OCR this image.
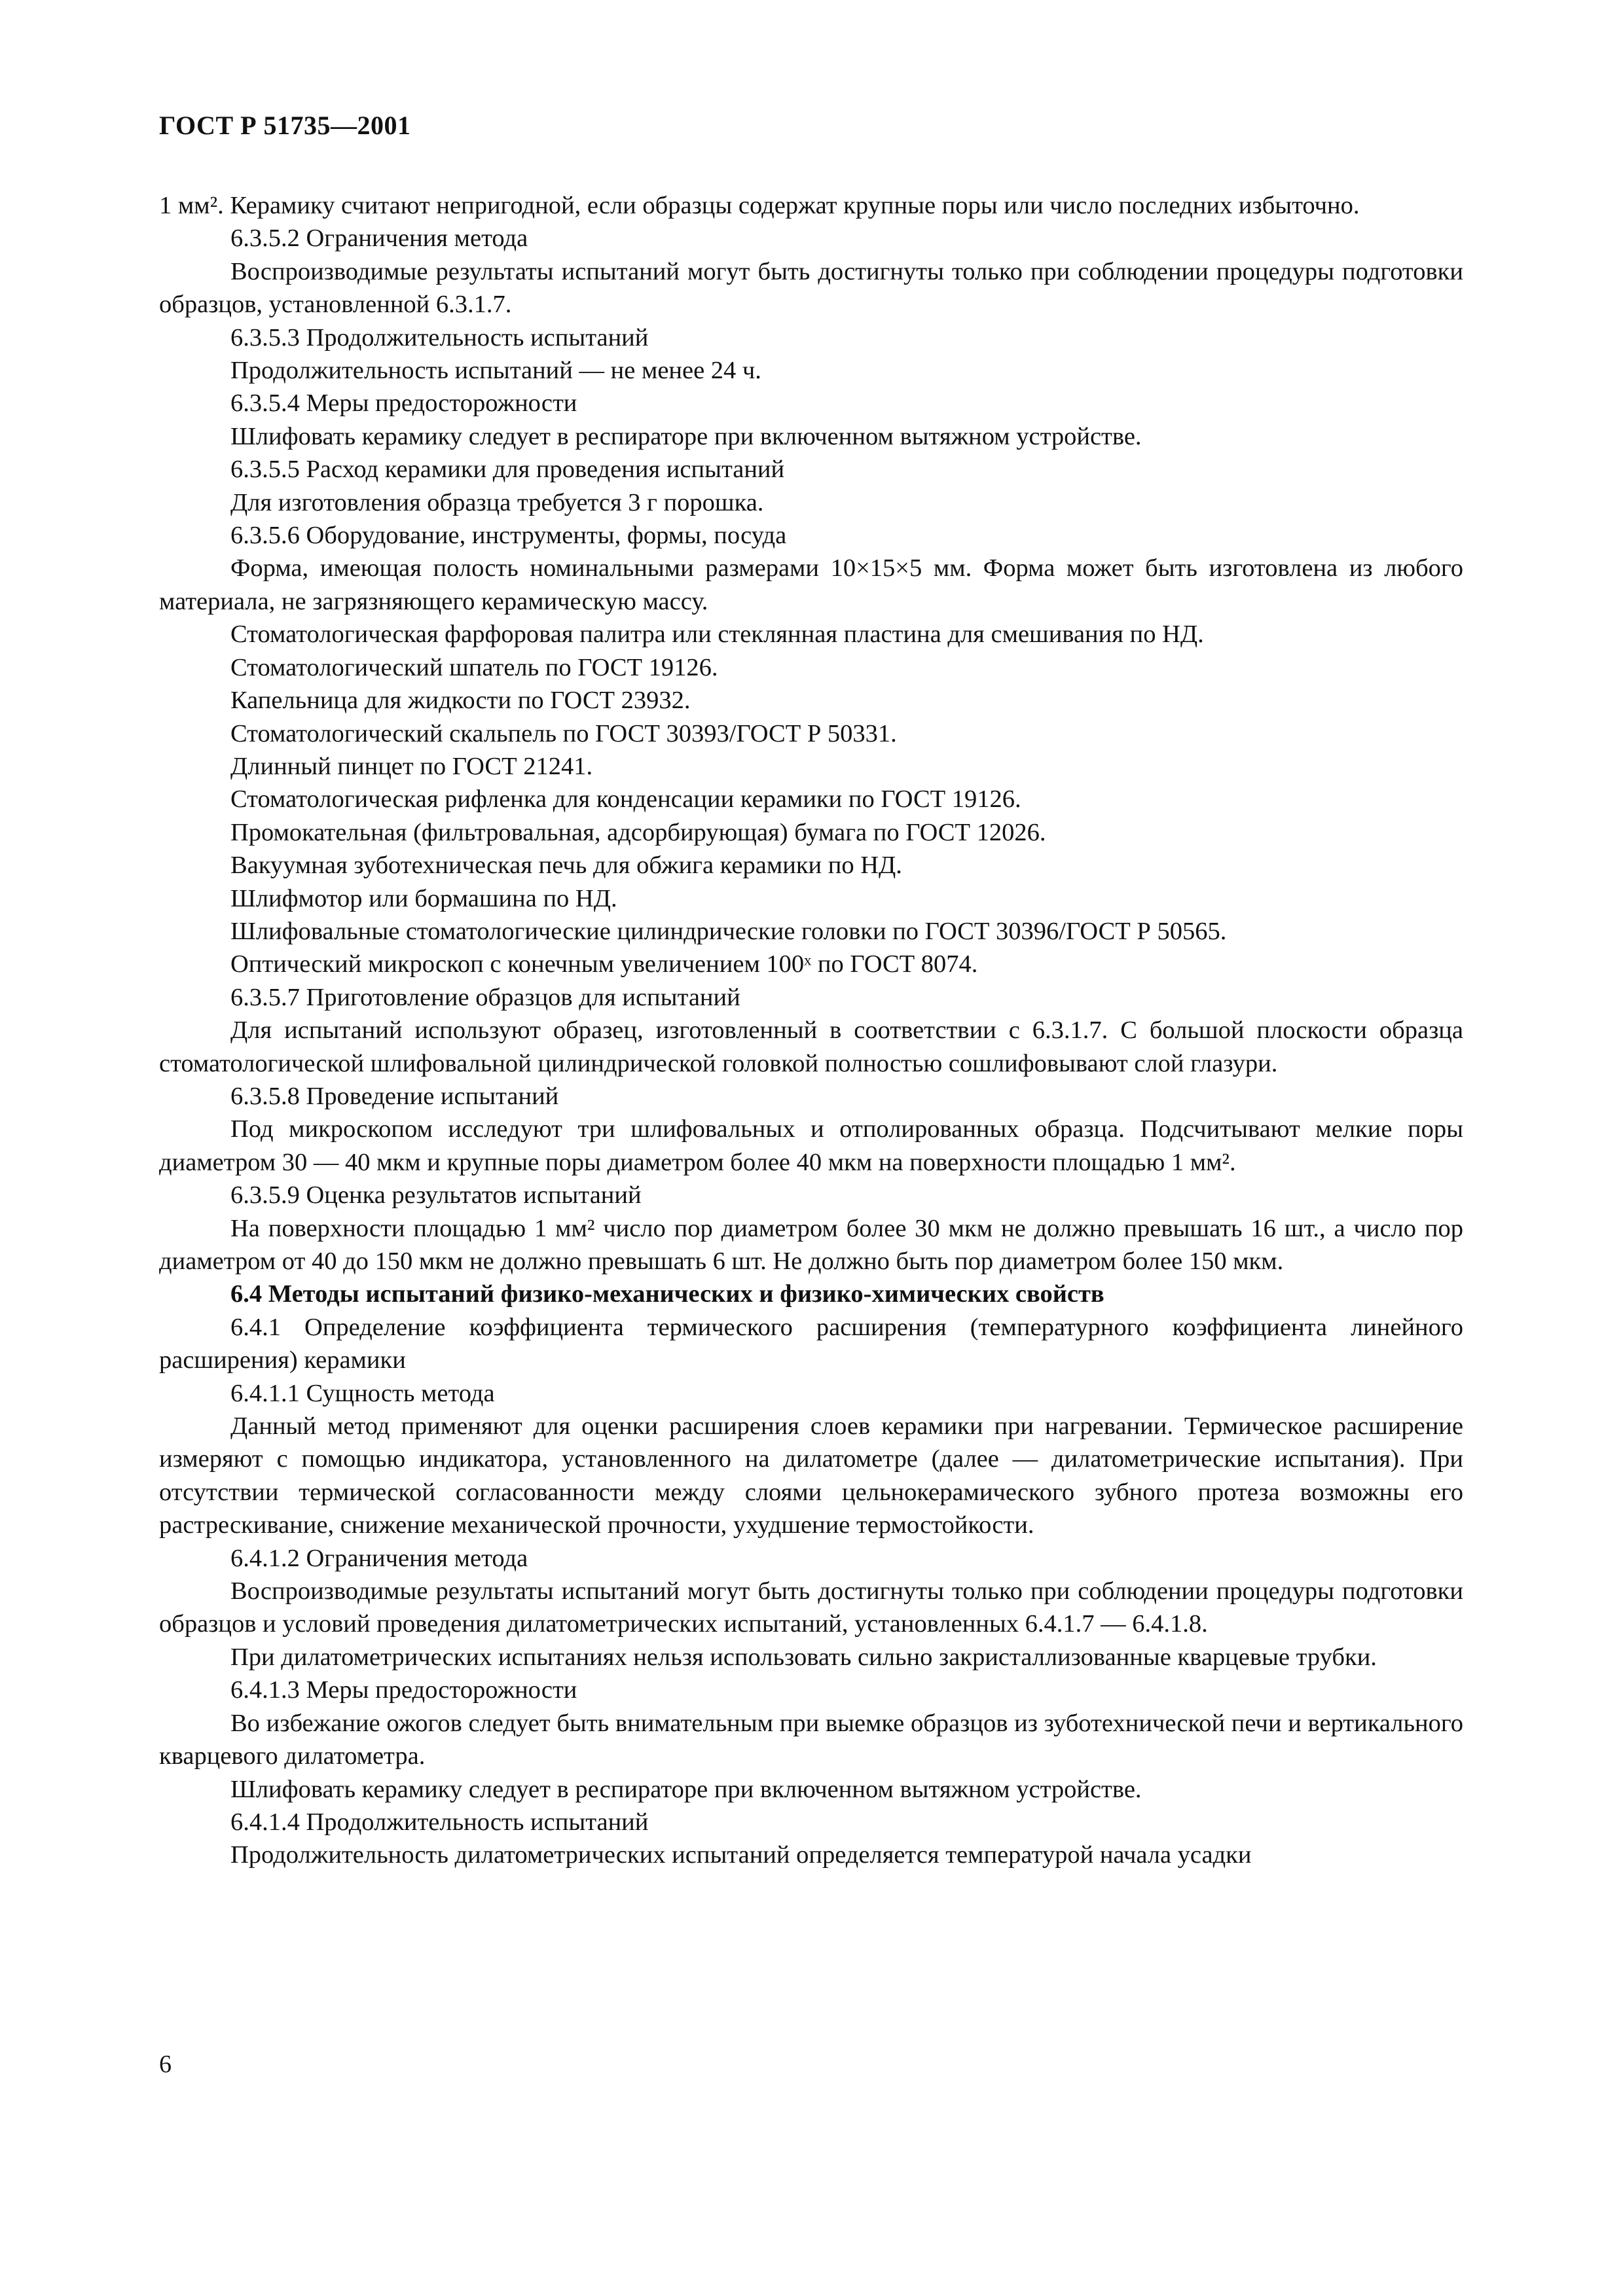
ГОСТ Р 51735—2001

1 мм². Керамику считают непригодной, если образцы содержат крупные поры или число последних избыточно.

6.3.5.2 Ограничения метода

Воспроизводимые результаты испытаний могут быть достигнуты только при соблюдении процедуры подготовки образцов, установленной 6.3.1.7.

6.3.5.3 Продолжительность испытаний

Продолжительность испытаний — не менее 24 ч.

6.3.5.4 Меры предосторожности

Шлифовать керамику следует в респираторе при включенном вытяжном устройстве.

6.3.5.5 Расход керамики для проведения испытаний

Для изготовления образца требуется 3 г порошка.

6.3.5.6 Оборудование, инструменты, формы, посуда

Форма, имеющая полость номинальными размерами 10×15×5 мм. Форма может быть изготовлена из любого материала, не загрязняющего керамическую массу.

Стоматологическая фарфоровая палитра или стеклянная пластина для смешивания по НД.

Стоматологический шпатель по ГОСТ 19126.

Капельница для жидкости по ГОСТ 23932.

Стоматологический скальпель по ГОСТ 30393/ГОСТ Р 50331.

Длинный пинцет по ГОСТ 21241.

Стоматологическая рифленка для конденсации керамики по ГОСТ 19126.

Промокательная (фильтровальная, адсорбирующая) бумага по ГОСТ 12026.

Вакуумная зуботехническая печь для обжига керамики по НД.

Шлифмотор или бормашина по НД.

Шлифовальные стоматологические цилиндрические головки по ГОСТ 30396/ГОСТ Р 50565.

Оптический микроскоп с конечным увеличением 100ˣ по ГОСТ 8074.

6.3.5.7 Приготовление образцов для испытаний

Для испытаний используют образец, изготовленный в соответствии с 6.3.1.7. С большой плоскости образца стоматологической шлифовальной цилиндрической головкой полностью сошлифовывают слой глазури.

6.3.5.8 Проведение испытаний

Под микроскопом исследуют три шлифовальных и отполированных образца. Подсчитывают мелкие поры диаметром 30 — 40 мкм и крупные поры диаметром более 40 мкм на поверхности площадью 1 мм².

6.3.5.9 Оценка результатов испытаний

На поверхности площадью 1 мм² число пор диаметром более 30 мкм не должно превышать 16 шт., а число пор диаметром от 40 до 150 мкм не должно превышать 6 шт. Не должно быть пор диаметром более 150 мкм.

6.4 Методы испытаний физико-механических и физико-химических свойств

6.4.1 Определение коэффициента термического расширения (температурного коэффициента линейного расширения) керамики

6.4.1.1 Сущность метода

Данный метод применяют для оценки расширения слоев керамики при нагревании. Термическое расширение измеряют с помощью индикатора, установленного на дилатометре (далее — дилатометрические испытания). При отсутствии термической согласованности между слоями цельнокерамического зубного протеза возможны его растрескивание, снижение механической прочности, ухудшение термостойкости.

6.4.1.2 Ограничения метода

Воспроизводимые результаты испытаний могут быть достигнуты только при соблюдении процедуры подготовки образцов и условий проведения дилатометрических испытаний, установленных 6.4.1.7 — 6.4.1.8.

При дилатометрических испытаниях нельзя использовать сильно закристаллизованные кварцевые трубки.

6.4.1.3 Меры предосторожности

Во избежание ожогов следует быть внимательным при выемке образцов из зуботехнической печи и вертикального кварцевого дилатометра.

Шлифовать керамику следует в респираторе при включенном вытяжном устройстве.

6.4.1.4 Продолжительность испытаний

Продолжительность дилатометрических испытаний определяется температурой начала усадки

6
